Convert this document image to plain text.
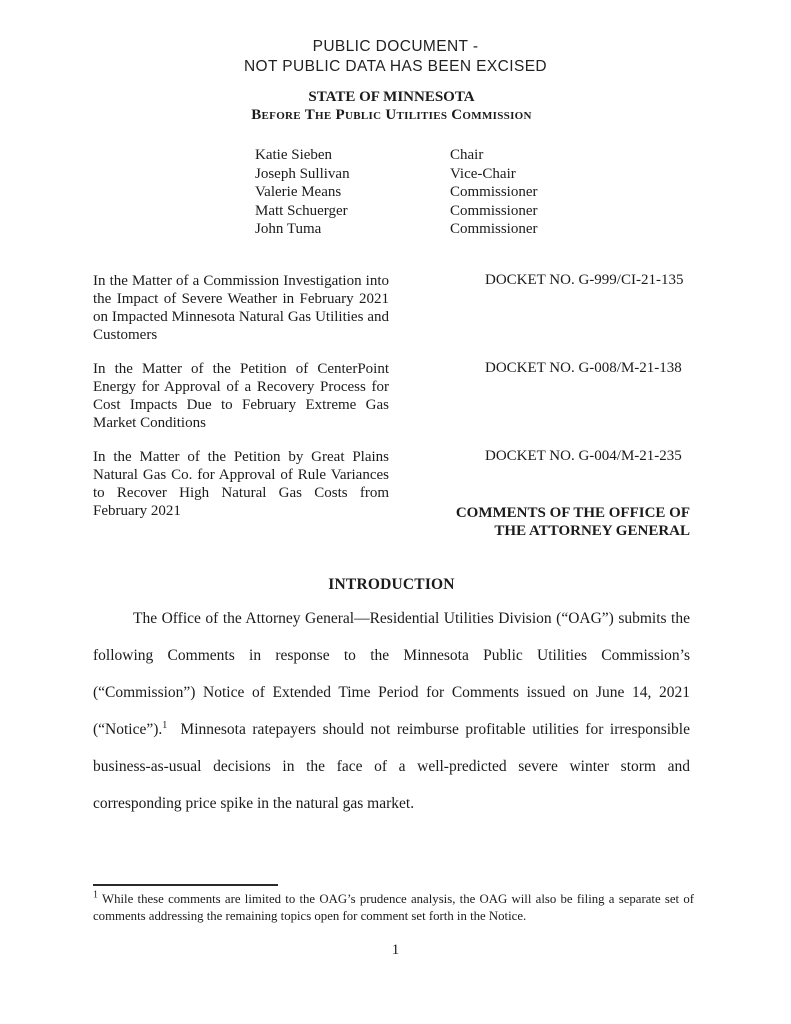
PUBLIC DOCUMENT -
NOT PUBLIC DATA HAS BEEN EXCISED
STATE OF MINNESOTA
Before The Public Utilities Commission
Katie Sieben	Chair
Joseph Sullivan	Vice-Chair
Valerie Means	Commissioner
Matt Schuerger	Commissioner
John Tuma	Commissioner
In the Matter of a Commission Investigation into the Impact of Severe Weather in February 2021 on Impacted Minnesota Natural Gas Utilities and Customers
DOCKET NO. G-999/CI-21-135
In the Matter of the Petition of CenterPoint Energy for Approval of a Recovery Process for Cost Impacts Due to February Extreme Gas Market Conditions
DOCKET NO. G-008/M-21-138
In the Matter of the Petition by Great Plains Natural Gas Co. for Approval of Rule Variances to Recover High Natural Gas Costs from February 2021
DOCKET NO. G-004/M-21-235
COMMENTS OF THE OFFICE OF
THE ATTORNEY GENERAL
INTRODUCTION

The Office of the Attorney General—Residential Utilities Division (“OAG”) submits the following Comments in response to the Minnesota Public Utilities Commission’s (“Commission”) Notice of Extended Time Period for Comments issued on June 14, 2021 (“Notice”).$^1$ Minnesota ratepayers should not reimburse profitable utilities for irresponsible business-as-usual decisions in the face of a well-predicted severe winter storm and corresponding price spike in the natural gas market.

$^1$ While these comments are limited to the OAG’s prudence analysis, the OAG will also be filing a separate set of comments addressing the remaining topics open for comment set forth in the Notice.
1
